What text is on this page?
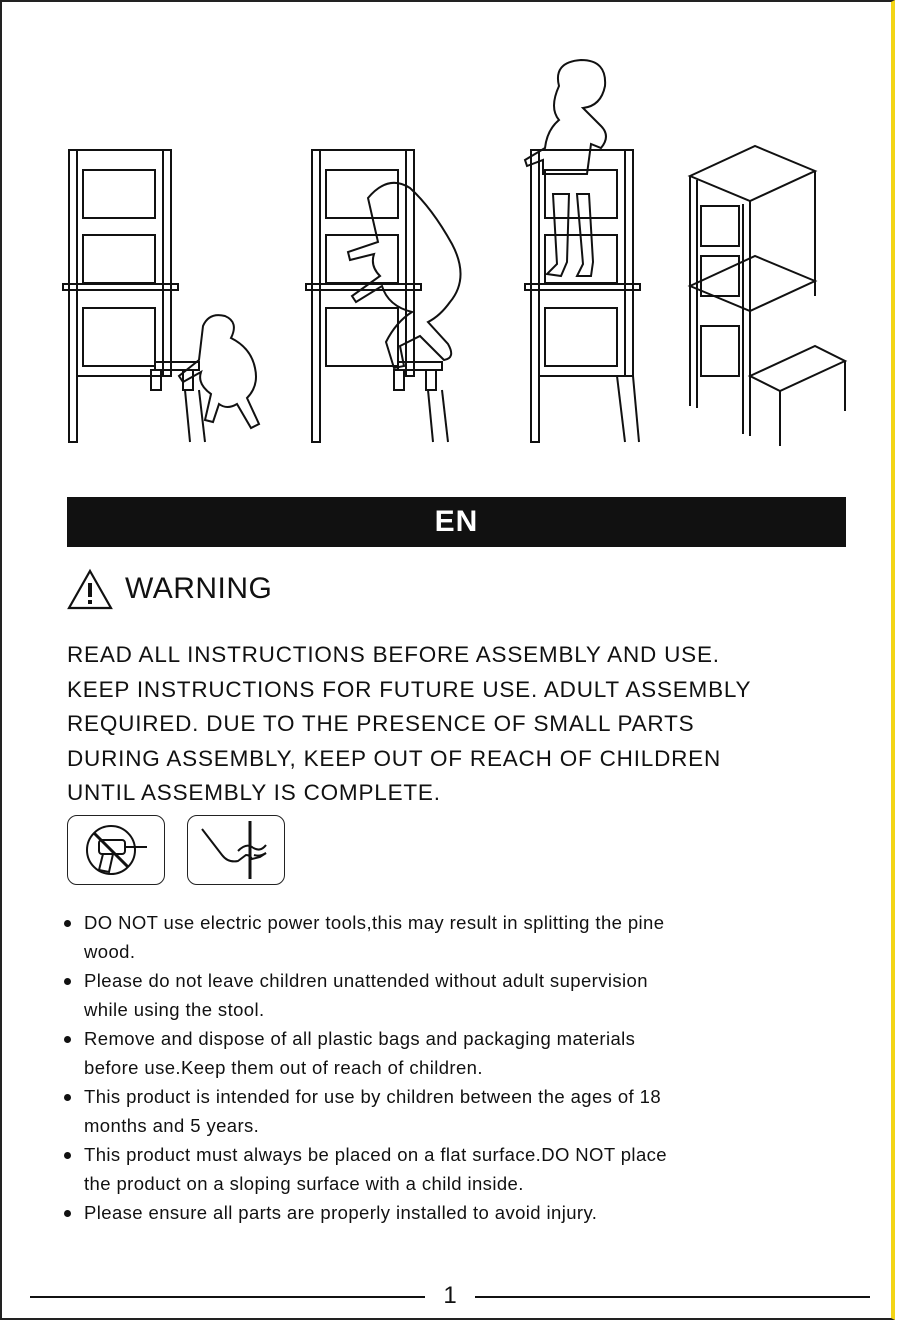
EN
WARNING

READ ALL INSTRUCTIONS BEFORE ASSEMBLY AND USE.
KEEP INSTRUCTIONS FOR FUTURE USE. ADULT ASSEMBLY
REQUIRED. DUE TO THE PRESENCE OF SMALL PARTS
DURING ASSEMBLY, KEEP OUT OF REACH OF CHILDREN
UNTIL ASSEMBLY IS COMPLETE.

DO NOT use electric power tools,this may result in splitting the pine
wood.
Please do not leave children unattended without adult supervision
while using the stool.
Remove and dispose of all plastic bags and packaging materials
before use.Keep them out of reach of children.
This product is intended for use by children between the ages of 18
months and 5 years.
This product must always be placed on a flat surface.DO NOT place
the product on a sloping surface with a child inside.
Please ensure all parts are properly installed to avoid injury.
1
